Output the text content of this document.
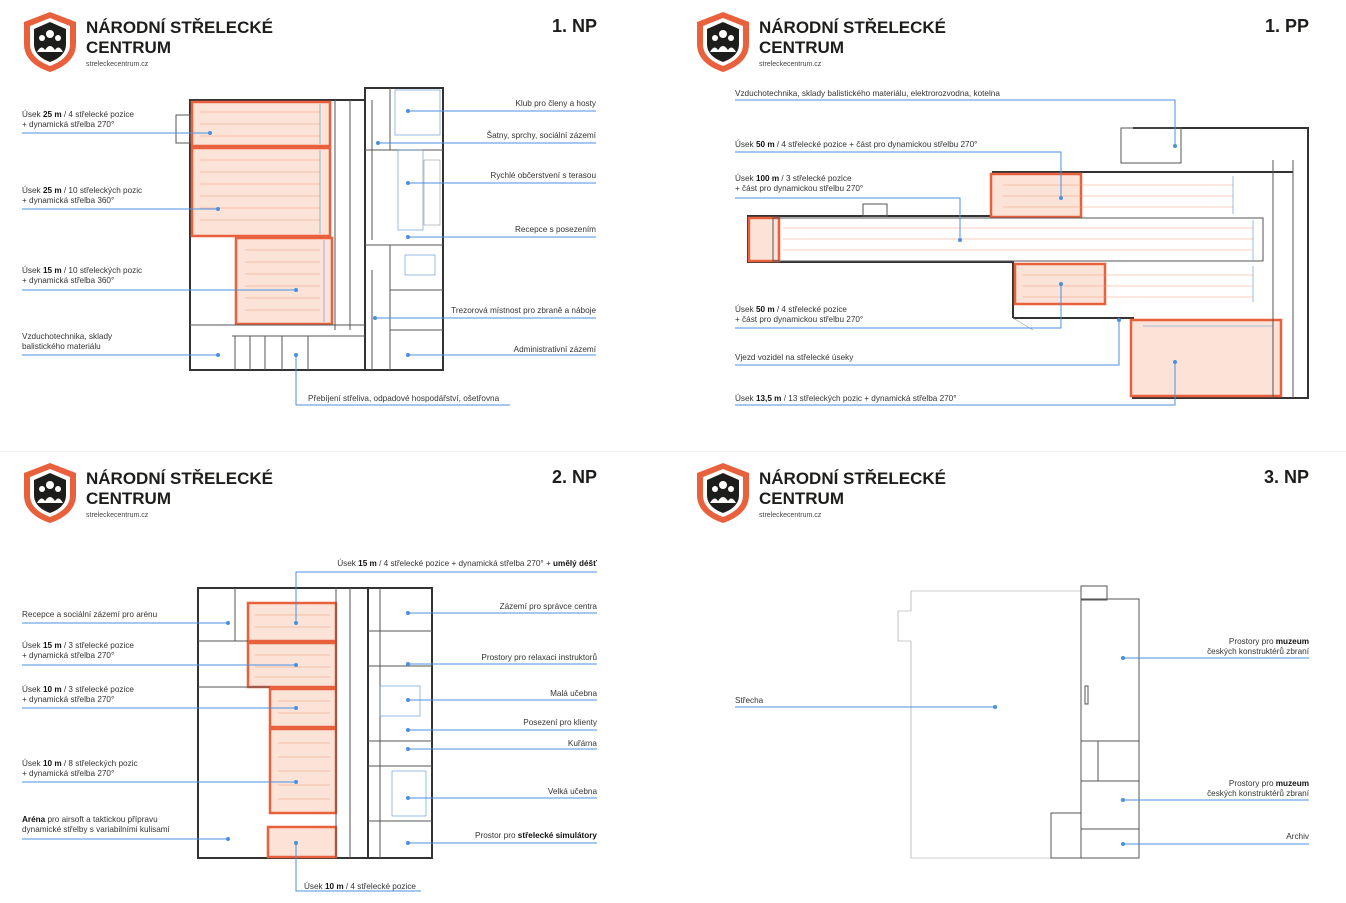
NÁRODNÍ STŘELECKÉ
CENTRUM
streleckecentrum.cz
1. NP
Úsek 25 m / 4 střelecké pozice
+ dynamická střelba 270°
Úsek 25 m / 10 střeleckých pozic
+ dynamická střelba 360°
Úsek 15 m / 10 střeleckých pozic
+ dynamická střelba 360°
Vzduchotechnika, sklady
balistického materiálu
Klub pro členy a hosty
Šatny, sprchy, sociální zázemí
Rychlé občerstvení s terasou
Recepce s posezením
Trezorová místnost pro zbraně a náboje
Administrativní zázemí
Přebíjení střeliva, odpadové hospodářství, ošetřovna
NÁRODNÍ STŘELECKÉ
CENTRUM
streleckecentrum.cz
1. PP
Vzduchotechnika, sklady balistického materiálu, elektrorozvodna, kotelna
Úsek 50 m / 4 střelecké pozice + část pro dynamickou střelbu 270°
Úsek 100 m / 3 střelecké pozice
+ část pro dynamickou střelbu 270°
Úsek 50 m / 4 střelecké pozice
+ část pro dynamickou střelbu 270°
Vjezd vozidel na střelecké úseky
Úsek 13,5 m / 13 střeleckých pozic + dynamická střelba 270°
NÁRODNÍ STŘELECKÉ
CENTRUM
streleckecentrum.cz
2. NP
Úsek 15 m / 4 střelecké pozice + dynamická střelba 270° + umělý déšť
Recepce a sociální zázemí pro arénu
Úsek 15 m / 3 střelecké pozice
+ dynamická střelba 270°
Úsek 10 m / 3 střelecké pozice
+ dynamická střelba 270°
Úsek 10 m / 8 střeleckých pozic
+ dynamická střelba 270°
Aréna pro airsoft a taktickou přípravu
dynamické střelby s variabilními kulisami
Zázemí pro správce centra
Prostory pro relaxaci instruktorů
Malá učebna
Posezení pro klienty
Kuřárna
Velká učebna
Prostor pro střelecké simulátory
Úsek 10 m / 4 střelecké pozice
NÁRODNÍ STŘELECKÉ
CENTRUM
streleckecentrum.cz
3. NP
Střecha
Prostory pro muzeum
českých konstruktérů zbraní
Prostory pro muzeum
českých konstruktérů zbraní
Archiv
